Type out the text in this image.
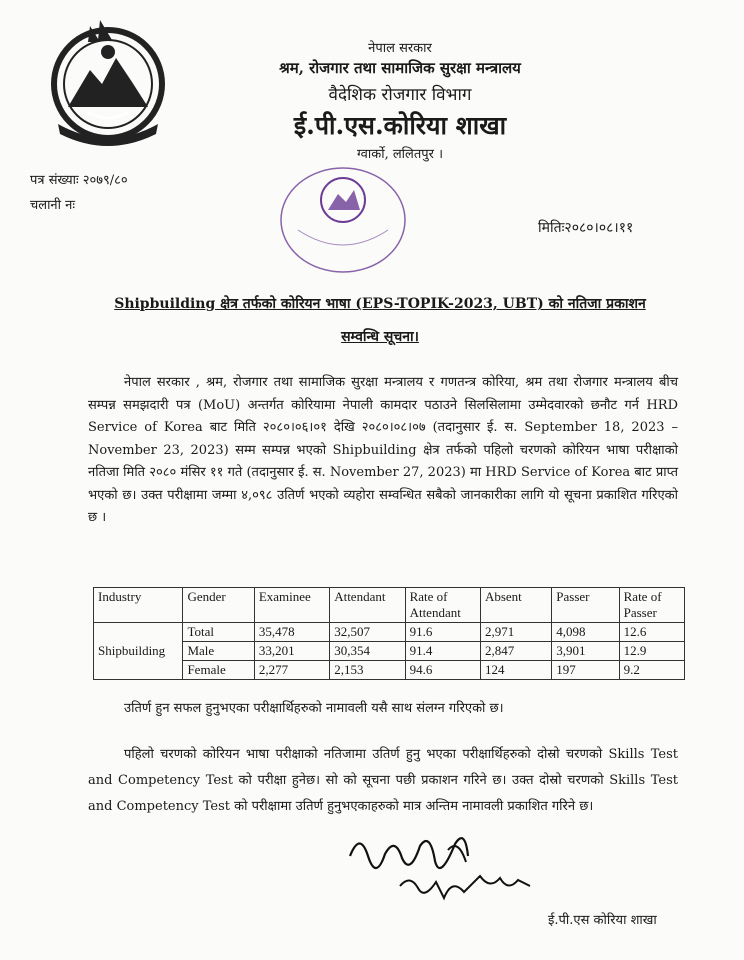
नेपाल सरकार
श्रम, रोजगार तथा सामाजिक सुरक्षा मन्त्रालय
वैदेशिक रोजगार विभाग
ई.पी.एस.कोरिया शाखा
ग्वार्को, ललितपुर ।
पत्र संख्याः २०७९/८०
चलानी नः
मितिः२०८०।०८।११
Shipbuilding क्षेत्र तर्फको कोरियन भाषा (EPS-TOPIK-2023, UBT) को नतिजा प्रकाशन
सम्वन्धि सूचना।
नेपाल सरकार , श्रम, रोजगार तथा सामाजिक सुरक्षा मन्त्रालय र गणतन्त्र कोरिया, श्रम तथा रोजगार मन्त्रालय बीच सम्पन्न समझदारी पत्र (MoU) अन्तर्गत कोरियामा नेपाली कामदार पठाउने सिलसिलामा उम्मेदवारको छनौट गर्न HRD Service of Korea बाट मिति २०८०।०६।०१ देखि २०८०।०८।०७ (तदानुसार ई. स. September 18, 2023 – November 23, 2023) सम्म सम्पन्न भएको Shipbuilding क्षेत्र तर्फको पहिलो चरणको कोरियन भाषा परीक्षाको नतिजा मिति २०८० मंसिर ११ गते (तदानुसार ई. स. November 27, 2023) मा HRD Service of Korea बाट प्राप्त भएको छ। उक्त परीक्षामा जम्मा ४,०९८ उतिर्ण भएको व्यहोरा सम्वन्धित सबैको जानकारीका लागि यो सूचना प्रकाशित गरिएको छ ।
Industry	Gender	Examinee	Attendant	Rate of Attendant	Absent	Passer	Rate of Passer
Shipbuilding	Total	35,478	32,507	91.6	2,971	4,098	12.6
	Male	33,201	30,354	91.4	2,847	3,901	12.9
	Female	2,277	2,153	94.6	124	197	9.2
उतिर्ण हुन सफल हुनुभएका परीक्षार्थिहरुको नामावली यसै साथ संलग्न गरिएको छ।
पहिलो चरणको कोरियन भाषा परीक्षाको नतिजामा उतिर्ण हुनु भएका परीक्षार्थिहरुको दोस्रो चरणको Skills Test and Competency Test को परीक्षा हुनेछ। सो को सूचना पछी प्रकाशन गरिने छ। उक्त दोस्रो चरणको Skills Test and Competency Test को परीक्षामा उतिर्ण हुनुभएकाहरुको मात्र अन्तिम नामावली प्रकाशित गरिने छ।
ई.पी.एस कोरिया शाखा
